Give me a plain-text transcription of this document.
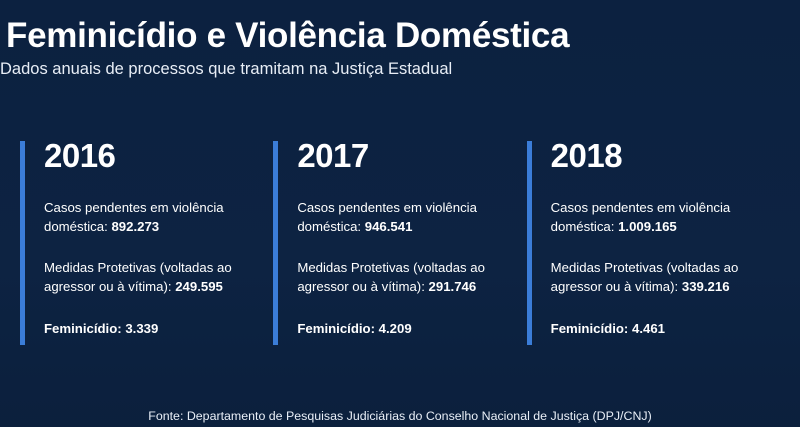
Feminicídio e Violência Doméstica

Dados anuais de processos que tramitam na Justiça Estadual

2016
Casos pendentes em violência doméstica: 892.273
Medidas Protetivas (voltadas ao agressor ou à vítima): 249.595
Feminicídio: 3.339
2017
Casos pendentes em violência doméstica: 946.541
Medidas Protetivas (voltadas ao agressor ou à vítima): 291.746
Feminicídio: 4.209
2018
Casos pendentes em violência doméstica: 1.009.165
Medidas Protetivas (voltadas ao agressor ou à vítima): 339.216
Feminicídio: 4.461
Fonte: Departamento de Pesquisas Judiciárias do Conselho Nacional de Justiça (DPJ/CNJ)
